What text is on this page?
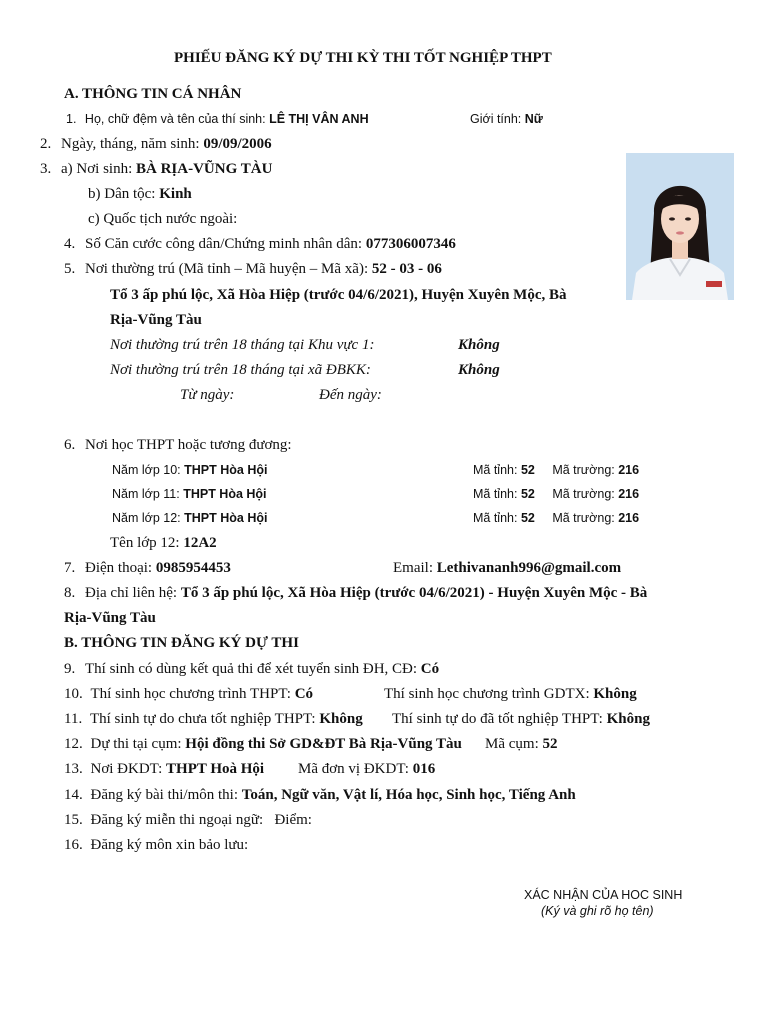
PHIẾU ĐĂNG KÝ DỰ THI KỲ THI TỐT NGHIỆP THPT
A. THÔNG TIN CÁ NHÂN
1. Họ, chữ đệm và tên của thí sinh: LÊ THỊ VÂN ANH	Giới tính: Nữ
2. Ngày, tháng, năm sinh: 09/09/2006
3. a) Nơi sinh: BÀ RỊA-VŨNG TÀU
b) Dân tộc: Kinh
c) Quốc tịch nước ngoài:
4. Số Căn cước công dân/Chứng minh nhân dân: 077306007346
5. Nơi thường trú (Mã tỉnh – Mã huyện – Mã xã): 52 - 03 - 06
Tổ 3 ấp phú lộc, Xã Hòa Hiệp (trước 04/6/2021), Huyện Xuyên Mộc, Bà
Rịa-Vũng Tàu
Nơi thường trú trên 18 tháng tại Khu vực 1:	Không
Nơi thường trú trên 18 tháng tại xã ĐBKK:	Không
Từ ngày:	Đến ngày:
6. Nơi học THPT hoặc tương đương:
Năm lớp 10: THPT Hòa Hội	Mã tỉnh: 52 Mã trường: 216
Năm lớp 11: THPT Hòa Hội	Mã tỉnh: 52 Mã trường: 216
Năm lớp 12: THPT Hòa Hội	Mã tỉnh: 52 Mã trường: 216
Tên lớp 12: 12A2
7. Điện thoại: 0985954453	Email: Lethivananh996@gmail.com
8. Địa chỉ liên hệ: Tổ 3 ấp phú lộc, Xã Hòa Hiệp (trước 04/6/2021) - Huyện Xuyên Mộc - Bà
Rịa-Vũng Tàu
B. THÔNG TIN ĐĂNG KÝ DỰ THI
9. Thí sinh có dùng kết quả thi để xét tuyển sinh ĐH, CĐ: Có
10. Thí sinh học chương trình THPT: Có	Thí sinh học chương trình GDTX: Không
11. Thí sinh tự do chưa tốt nghiệp THPT: Không Thí sinh tự do đã tốt nghiệp THPT: Không
12. Dự thi tại cụm: Hội đồng thi Sở GD&ĐT Bà Rịa-Vũng Tàu Mã cụm: 52
13. Nơi ĐKDT: THPT Hoà Hội Mã đơn vị ĐKDT: 016
14. Đăng ký bài thi/môn thi: Toán, Ngữ văn, Vật lí, Hóa học, Sinh học, Tiếng Anh
15. Đăng ký miễn thi ngoại ngữ:   Điểm:
16. Đăng ký môn xin bảo lưu:
XÁC NHẬN CỦA HOC SINH
(Ký và ghi rõ họ tên)
